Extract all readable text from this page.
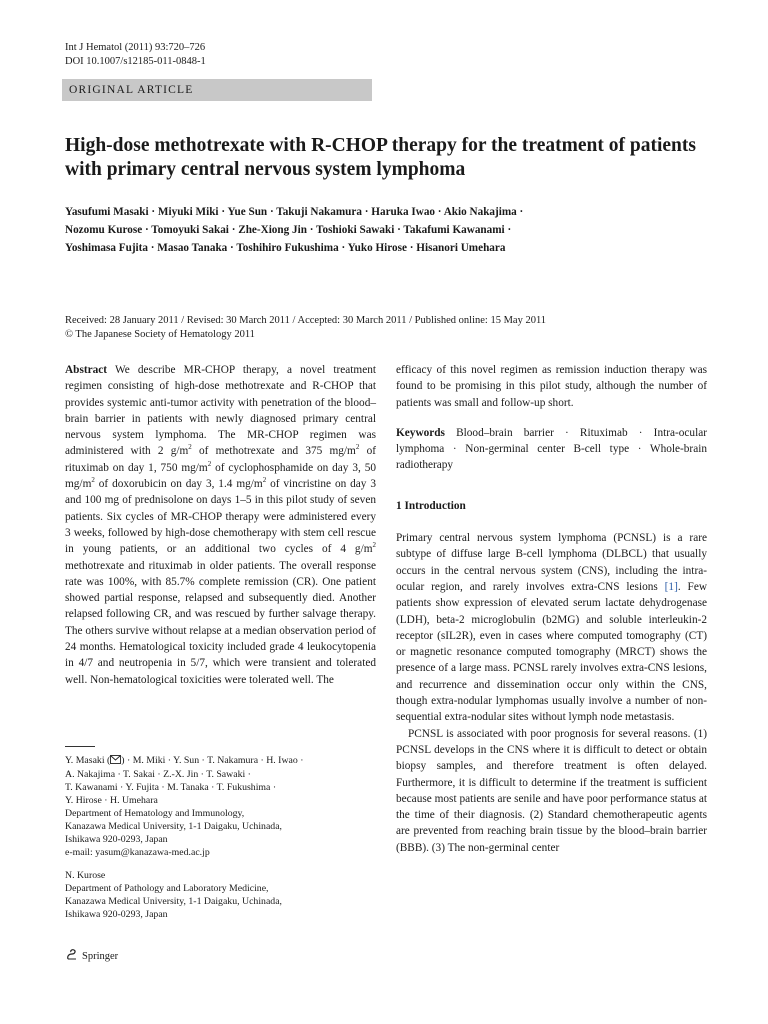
Int J Hematol (2011) 93:720–726
DOI 10.1007/s12185-011-0848-1
ORIGINAL ARTICLE
High-dose methotrexate with R-CHOP therapy for the treatment of patients with primary central nervous system lymphoma
Yasufumi Masaki · Miyuki Miki · Yue Sun · Takuji Nakamura · Haruka Iwao · Akio Nakajima ·
Nozomu Kurose · Tomoyuki Sakai · Zhe-Xiong Jin · Toshioki Sawaki · Takafumi Kawanami ·
Yoshimasa Fujita · Masao Tanaka · Toshihiro Fukushima · Yuko Hirose · Hisanori Umehara
Received: 28 January 2011 / Revised: 30 March 2011 / Accepted: 30 March 2011 / Published online: 15 May 2011
© The Japanese Society of Hematology 2011

Abstract We describe MR-CHOP therapy, a novel treatment regimen consisting of high-dose methotrexate and R-CHOP that provides systemic anti-tumor activity with penetration of the blood–brain barrier in patients with newly diagnosed primary central nervous system lymphoma. The MR-CHOP regimen was administered with 2 $g/m^2$ of methotrexate and 375 $mg/m^2$ of rituximab on day 1, 750 $mg/m^2$ of cyclophosphamide on day 3, 50 $mg/m^2$ of doxorubicin on day 3, 1.4 $mg/m^2$ of vincristine on day 3 and 100 mg of prednisolone on days 1–5 in this pilot study of seven patients. Six cycles of MR-CHOP therapy were administered every 3 weeks, followed by high-dose chemotherapy with stem cell rescue in young patients, or an additional two cycles of 4 $g/m^2$ methotrexate and rituximab in older patients. The overall response rate was 100%, with 85.7% complete remission (CR). One patient showed partial response, relapsed and subsequently died. Another relapsed following CR, and was rescued by further salvage therapy. The others survive without relapse at a median observation period of 24 months. Hematological toxicity included grade 4 leukocytopenia in 4/7 and neutropenia in 5/7, which were transient and tolerated well. Non-hematological toxicities were tolerated well. The

Y. Masaki ( ) · M. Miki · Y. Sun · T. Nakamura · H. Iwao ·

A. Nakajima · T. Sakai · Z.-X. Jin · T. Sawaki ·

T. Kawanami · Y. Fujita · M. Tanaka · T. Fukushima ·

Y. Hirose · H. Umehara

Department of Hematology and Immunology,

Kanazawa Medical University, 1-1 Daigaku, Uchinada,

Ishikawa 920-0293, Japan

e-mail: yasum@kanazawa-med.ac.jp

N. Kurose

Department of Pathology and Laboratory Medicine,

Kanazawa Medical University, 1-1 Daigaku, Uchinada,

Ishikawa 920-0293, Japan

efficacy of this novel regimen as remission induction therapy was found to be promising in this pilot study, although the number of patients was small and follow-up short.

Keywords Blood–brain barrier · Rituximab · Intra-ocular lymphoma · Non-germinal center B-cell type · Whole-brain radiotherapy

1 Introduction

Primary central nervous system lymphoma (PCNSL) is a rare subtype of diffuse large B-cell lymphoma (DLBCL) that usually occurs in the central nervous system (CNS), including the intra-ocular region, and rarely involves extra-CNS lesions [1]. Few patients show expression of elevated serum lactate dehydrogenase (LDH), beta-2 microglobulin (b2MG) and soluble interleukin-2 receptor (sIL2R), even in cases where computed tomography (CT) or magnetic resonance computed tomography (MRCT) shows the presence of a large mass. PCNSL rarely involves extra-CNS lesions, and recurrence and dissemination occur only within the CNS, though extra-nodular lymphomas usually involve a number of non-sequential extra-nodular sites without lymph node metastasis.

PCNSL is associated with poor prognosis for several reasons. (1) PCNSL develops in the CNS where it is difficult to detect or obtain biopsy samples, and therefore treatment is often delayed. Furthermore, it is difficult to determine if the treatment is sufficient because most patients are senile and have poor performance status at the time of their diagnosis. (2) Standard chemotherapeutic agents are prevented from reaching brain tissue by the blood–brain barrier (BBB). (3) The non-germinal center

Springer
